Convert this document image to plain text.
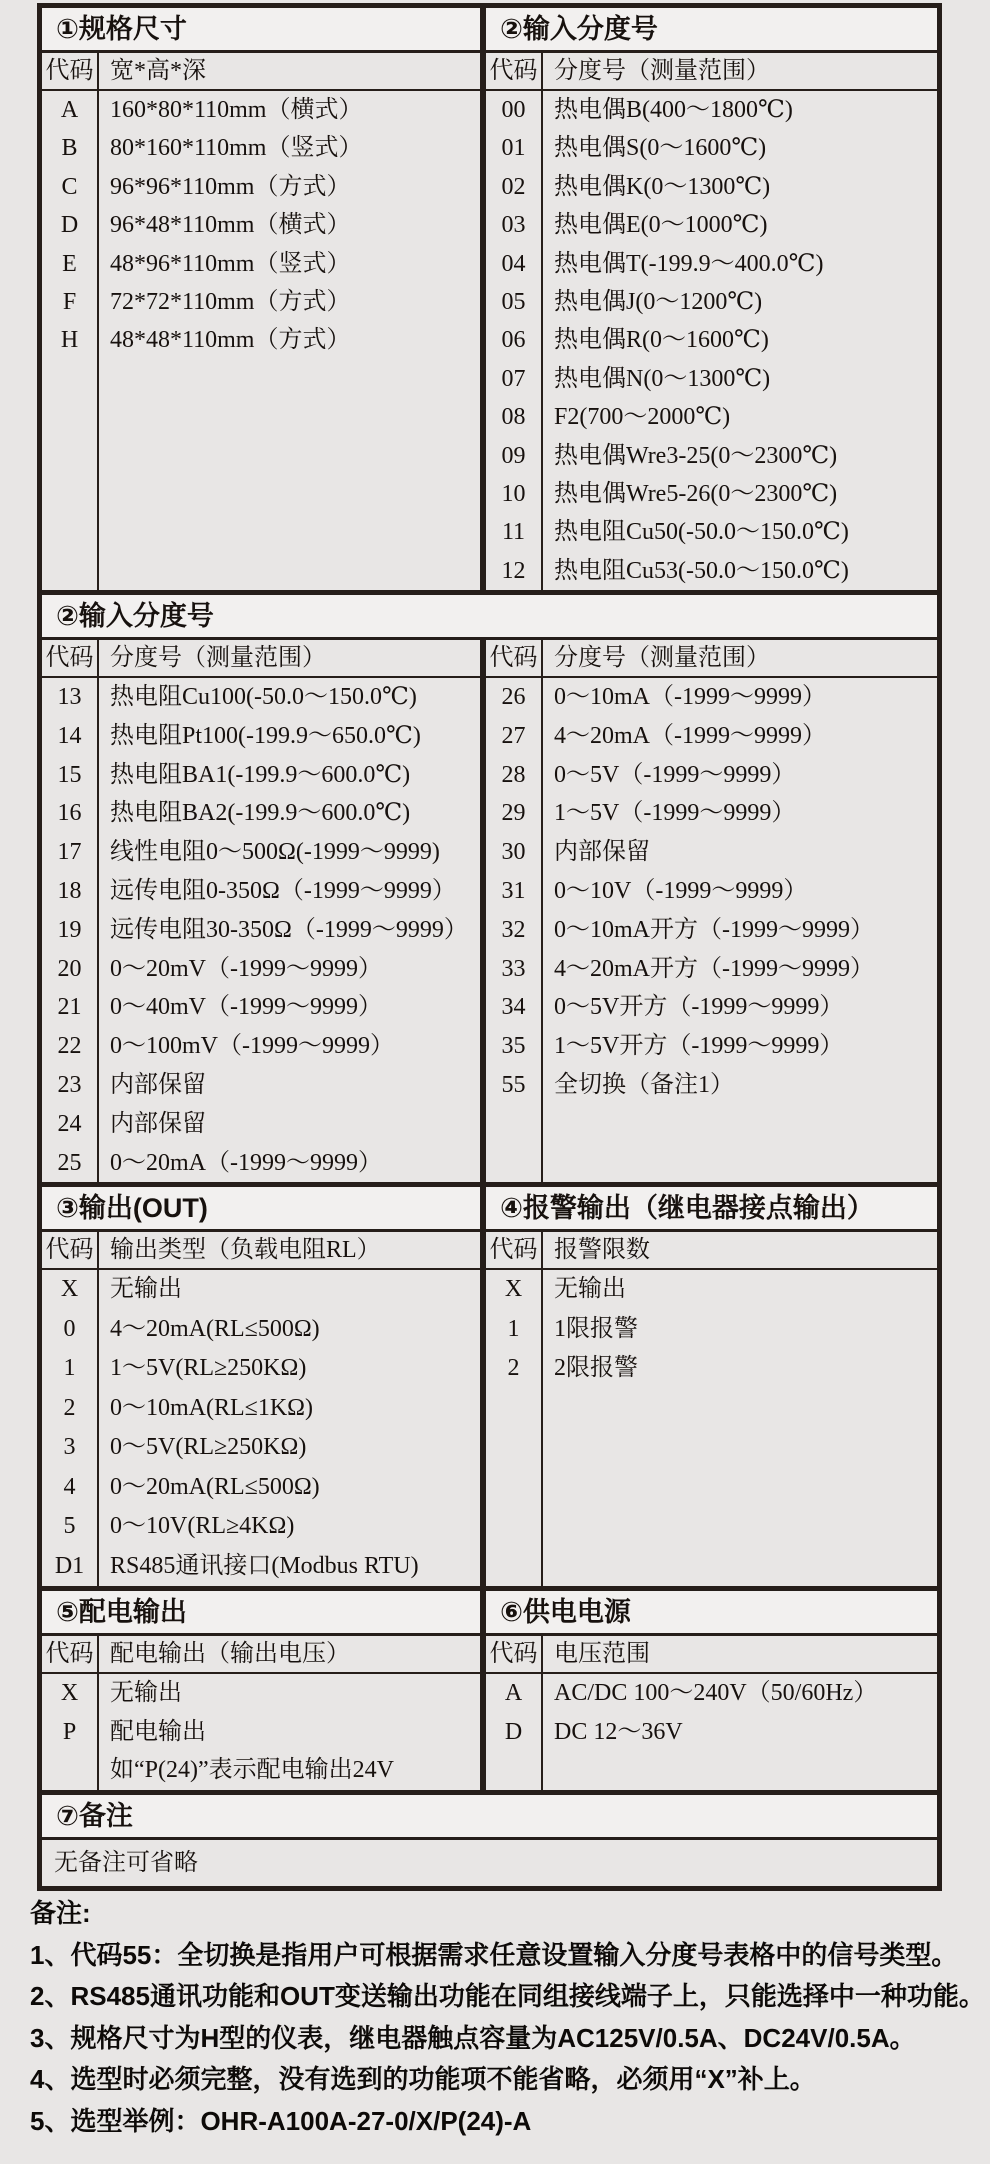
①规格尺寸	②输入分度号
代码 宽*高*深
A	160*80*110mm（横式）
B	80*160*110mm（竖式）
C	96*96*110mm（方式）
D	96*48*110mm（横式）
E	48*96*110mm（竖式）
F	72*72*110mm（方式）
H	48*48*110mm（方式）
代码 分度号（测量范围）
00	热电偶B(400～1800℃)
01	热电偶S(0～1600℃)
02	热电偶K(0～1300℃)
03	热电偶E(0～1000℃)
04	热电偶T(-199.9～400.0℃)
05	热电偶J(0～1200℃)
06	热电偶R(0～1600℃)
07	热电偶N(0～1300℃)
08	F2(700～2000℃)
09	热电偶Wre3-25(0～2300℃)
10	热电偶Wre5-26(0～2300℃)
11	热电阻Cu50(-50.0～150.0℃)
12	热电阻Cu53(-50.0～150.0℃)
②输入分度号
代码 分度号（测量范围）
13	热电阻Cu100(-50.0～150.0℃)
14	热电阻Pt100(-199.9～650.0℃)
15	热电阻BA1(-199.9～600.0℃)
16	热电阻BA2(-199.9～600.0℃)
17	线性电阻0～500Ω(-1999～9999)
18	远传电阻0-350Ω（-1999～9999）
19	远传电阻30-350Ω（-1999～9999）
20	0～20mV（-1999～9999）
21	0～40mV（-1999～9999）
22	0～100mV（-1999～9999）
23	内部保留
24	内部保留
25	0～20mA（-1999～9999）
代码 分度号（测量范围）
26	0～10mA（-1999～9999）
27	4～20mA（-1999～9999）
28	0～5V（-1999～9999）
29	1～5V（-1999～9999）
30	内部保留
31	0～10V（-1999～9999）
32	0～10mA开方（-1999～9999）
33	4～20mA开方（-1999～9999）
34	0～5V开方（-1999～9999）
35	1～5V开方（-1999～9999）
55	全切换（备注1）
③输出(OUT)	④报警输出（继电器接点输出）
代码 输出类型（负载电阻RL）
X	无输出
0	4～20mA(RL≤500Ω)
1	1～5V(RL≥250KΩ)
2	0～10mA(RL≤1KΩ)
3	0～5V(RL≥250KΩ)
4	0～20mA(RL≤500Ω)
5	0～10V(RL≥4KΩ)
D1	RS485通讯接口(Modbus RTU)
代码 报警限数
X	无输出
1	1限报警
2	2限报警
⑤配电输出	⑥供电电源
代码 配电输出（输出电压）
X	无输出
P	配电输出
如“P(24)”表示配电输出24V
代码 电压范围
A	AC/DC 100～240V（50/60Hz）
D	DC 12～36V
⑦备注
无备注可省略

备注:

1、代码55：全切换是指用户可根据需求任意设置输入分度号表格中的信号类型。

2、RS485通讯功能和OUT变送输出功能在同组接线端子上，只能选择中一种功能。

3、规格尺寸为H型的仪表，继电器触点容量为AC125V/0.5A、DC24V/0.5A。

4、选型时必须完整，没有选到的功能项不能省略，必须用“X”补上。

5、选型举例：OHR-A100A-27-0/X/P(24)-A
